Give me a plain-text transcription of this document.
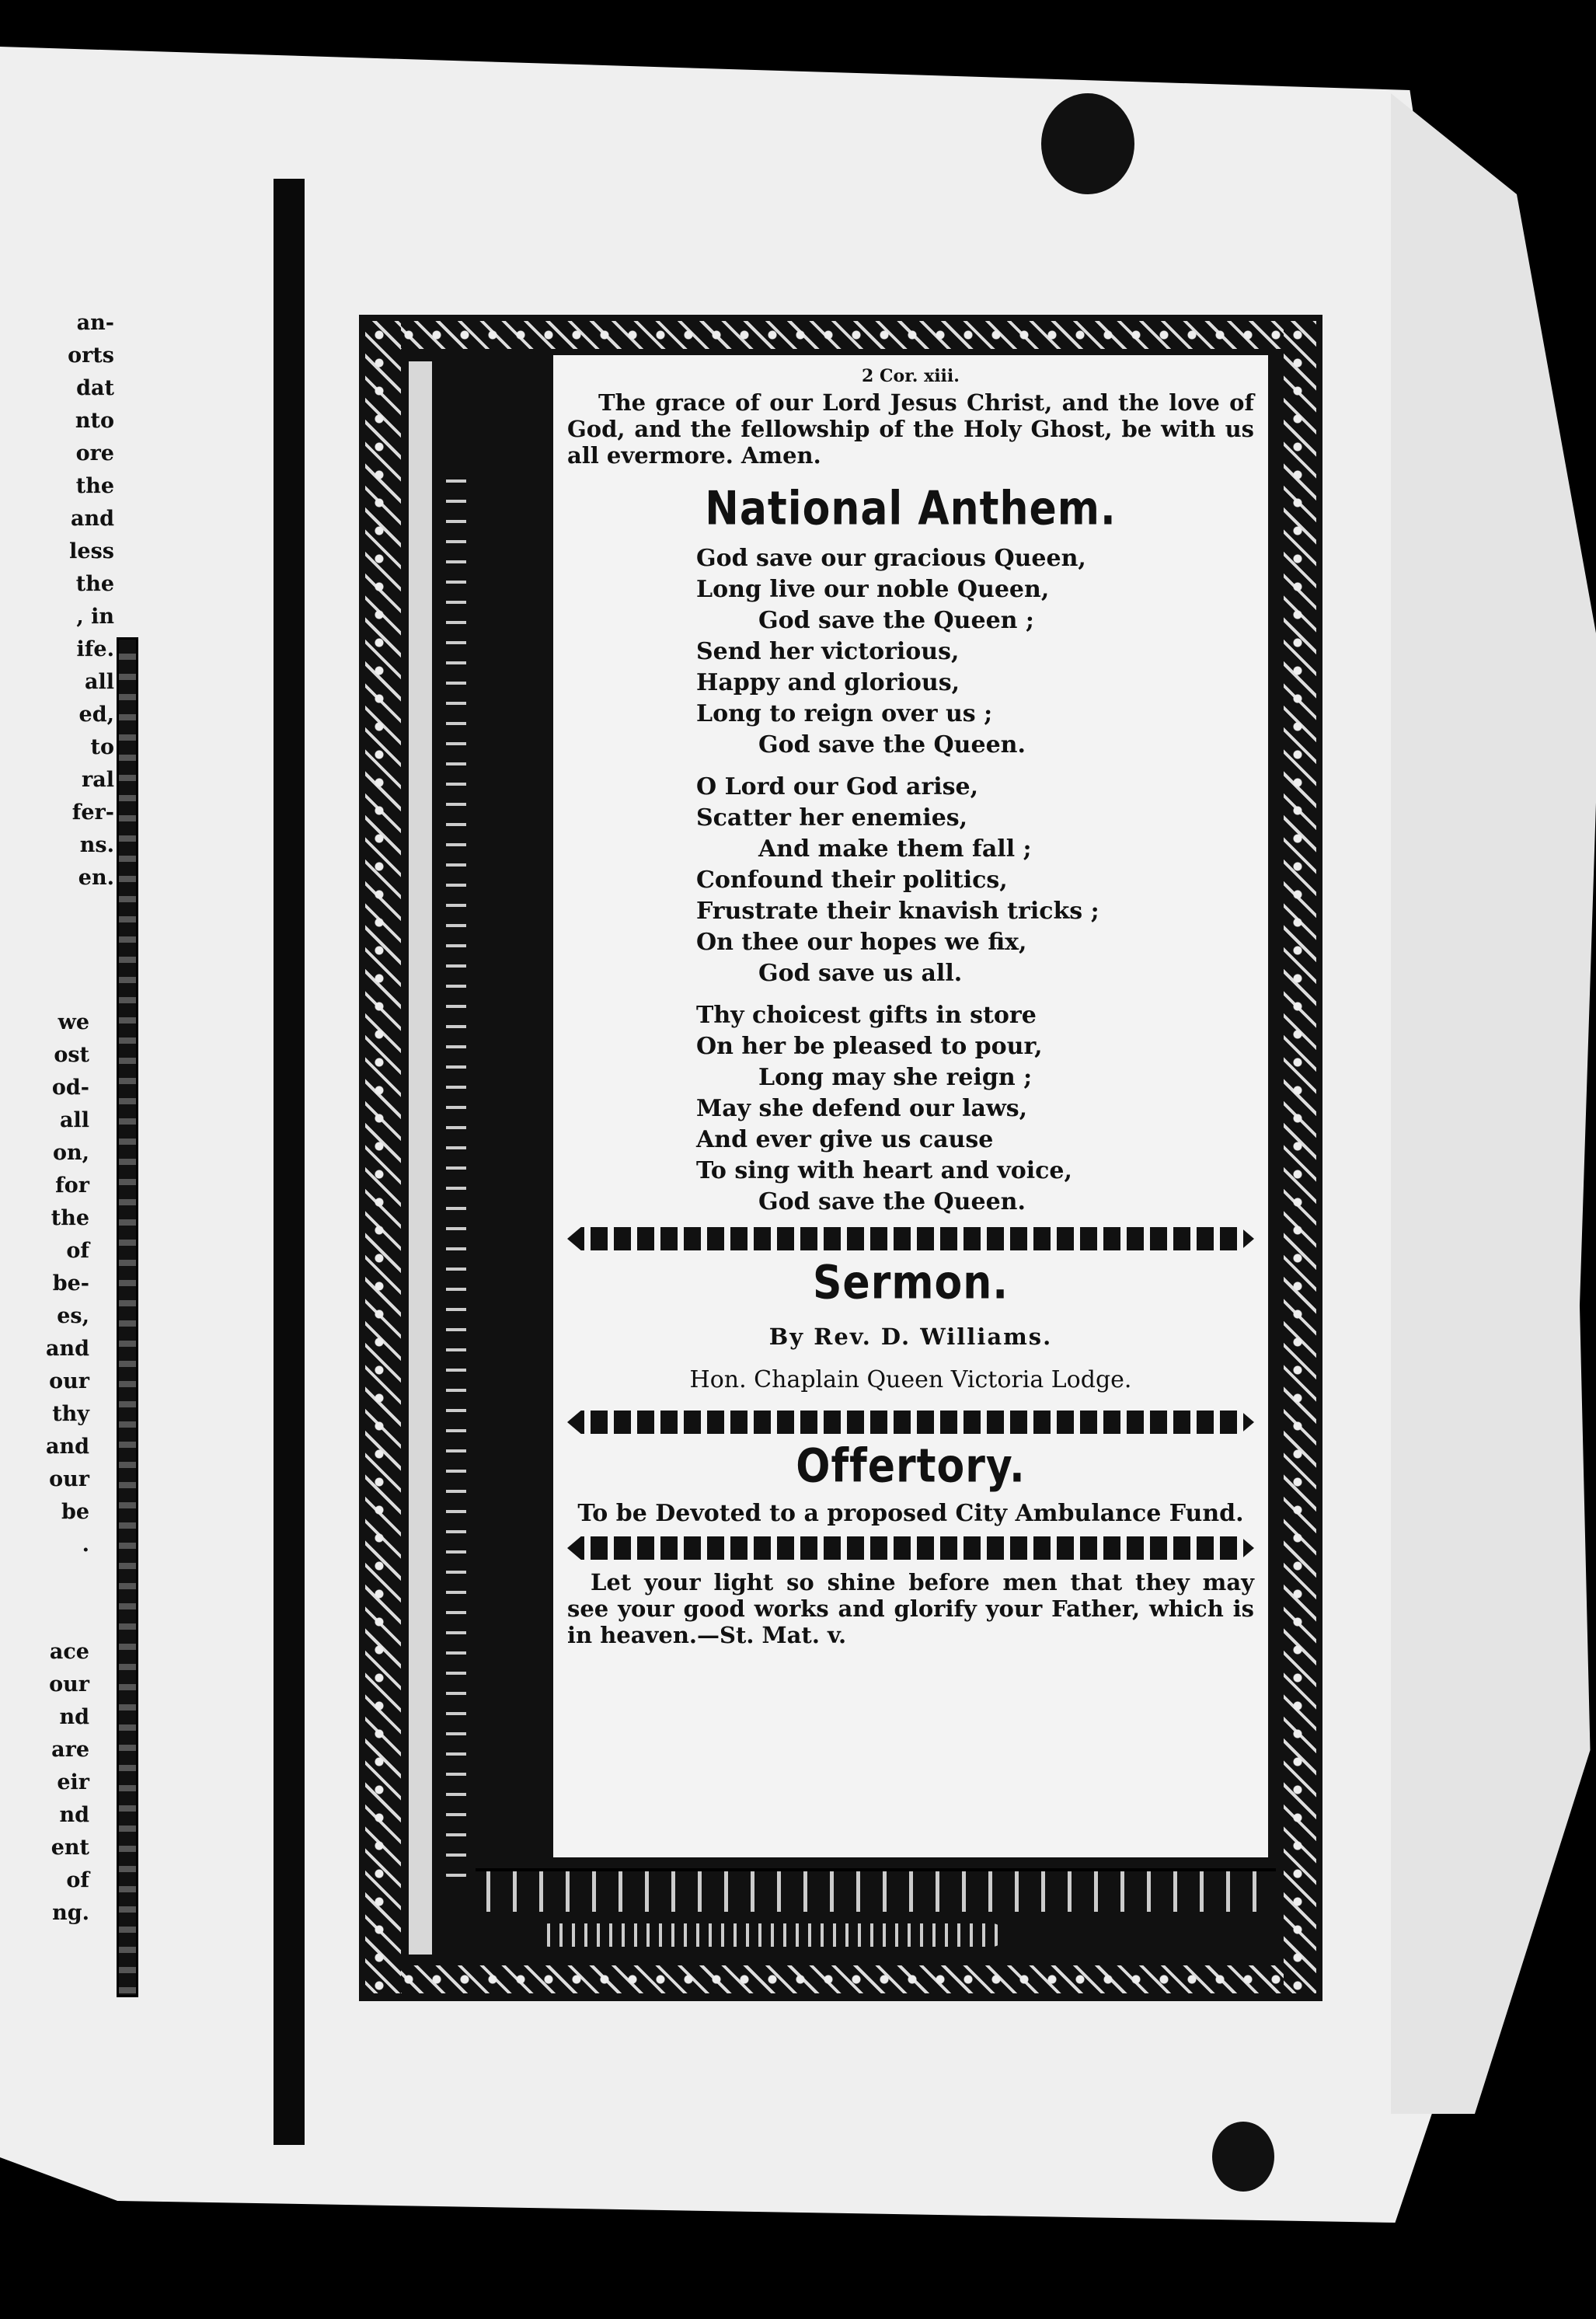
an-
orts
dat
nto
ore
the
and
less
the
, in
ife.
all
ed,
to
ral
fer-
ns.
en.
we
ost
od-
all
on,
for
the
of
be-
es,
and
our
thy
and
our
be
.
ace
our
nd
are
eir
nd
ent
of
ng.
2 Cor. xiii.
The grace of our Lord Jesus Christ, and the love of God, and the fellowship of the Holy Ghost, be with us all evermore. Amen.
National Anthem.
God save our gracious Queen,
Long live our noble Queen,
God save the Queen ;
Send her victorious,
Happy and glorious,
Long to reign over us ;
God save the Queen.
O Lord our God arise,
Scatter her enemies,
And make them fall ;
Confound their politics,
Frustrate their knavish tricks ;
On thee our hopes we fix,
God save us all.
Thy choicest gifts in store
On her be pleased to pour,
Long may she reign ;
May she defend our laws,
And ever give us cause
To sing with heart and voice,
God save the Queen.
Sermon.
By Rev. D. Williams.
Hon. Chaplain Queen Victoria Lodge.
Offertory.
To be Devoted to a proposed City Ambulance Fund.
Let your light so shine before men that they may see your good works and glorify your Father, which is in heaven.—St. Mat. v.
